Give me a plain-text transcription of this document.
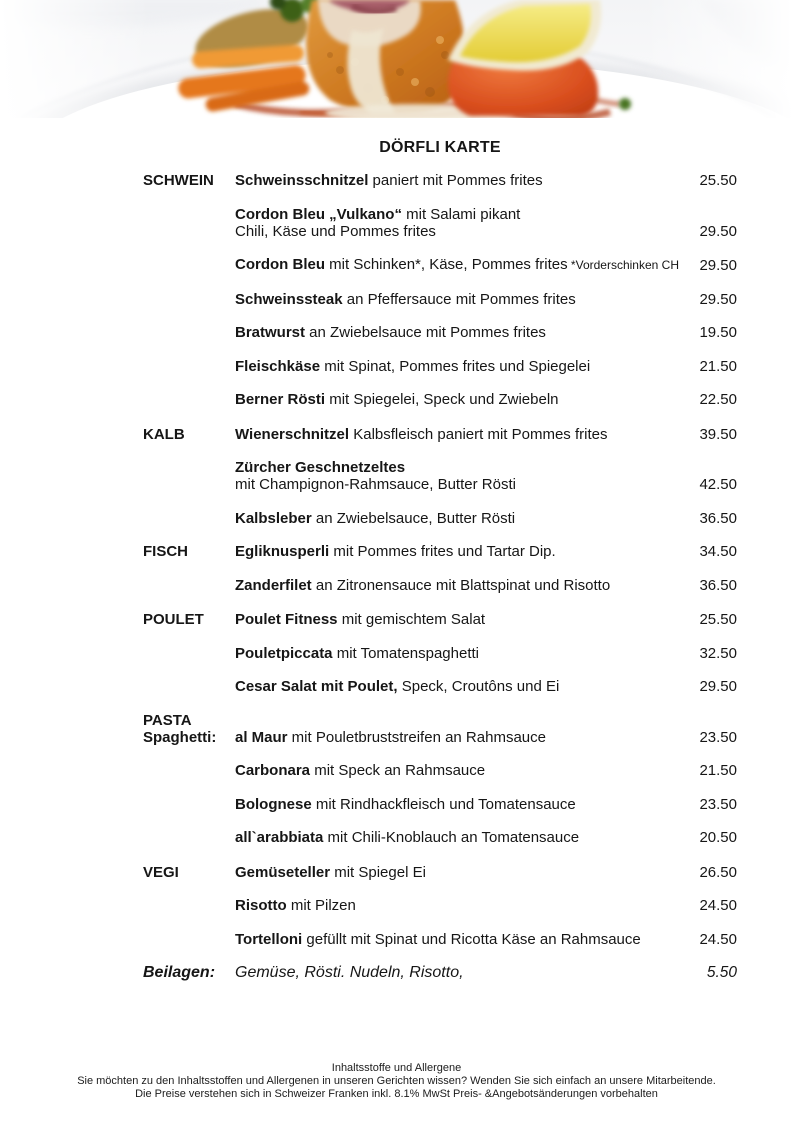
DÖRFLI KARTE
SCHWEIN	Schweinsschnitzel paniert mit Pommes frites	25.50
Cordon Bleu „Vulkano“ mit Salami pikant
Chili, Käse und Pommes frites	29.50
Cordon Bleu mit Schinken*, Käse, Pommes frites *Vorderschinken CH	29.50
Schweinssteak an Pfeffersauce mit Pommes frites	29.50
Bratwurst an Zwiebelsauce mit Pommes frites	19.50
Fleischkäse mit Spinat, Pommes frites und Spiegelei	21.50
Berner Rösti mit Spiegelei, Speck und Zwiebeln	22.50
KALB	Wienerschnitzel Kalbsfleisch paniert mit Pommes frites	39.50
Zürcher Geschnetzeltes
mit Champignon-Rahmsauce, Butter Rösti	42.50
Kalbsleber an Zwiebelsauce, Butter Rösti	36.50
FISCH	Egliknusperli mit Pommes frites und Tartar Dip.	34.50
Zanderfilet an Zitronensauce mit Blattspinat und Risotto	36.50
POULET	Poulet Fitness mit gemischtem Salat	25.50
Pouletpiccata mit Tomatenspaghetti	32.50
Cesar Salat mit Poulet, Speck, Croutôns und Ei	29.50
PASTA
Spaghetti:	al Maur mit Pouletbruststreifen an Rahmsauce	23.50
Carbonara mit Speck an Rahmsauce	21.50
Bolognese mit Rindhackfleisch und Tomatensauce	23.50
all`arabbiata mit Chili-Knoblauch an Tomatensauce	20.50
VEGI	Gemüseteller mit Spiegel Ei	26.50
Risotto mit Pilzen	24.50
Tortelloni gefüllt mit Spinat und Ricotta Käse an Rahmsauce	24.50
Beilagen:	Gemüse, Rösti. Nudeln, Risotto,	5.50
Inhaltsstoffe und Allergene
Sie möchten zu den Inhaltsstoffen und Allergenen in unseren Gerichten wissen? Wenden Sie sich einfach an unsere Mitarbeitende.
Die Preise verstehen sich in Schweizer Franken inkl. 8.1% MwSt Preis- &Angebotsänderungen vorbehalten
